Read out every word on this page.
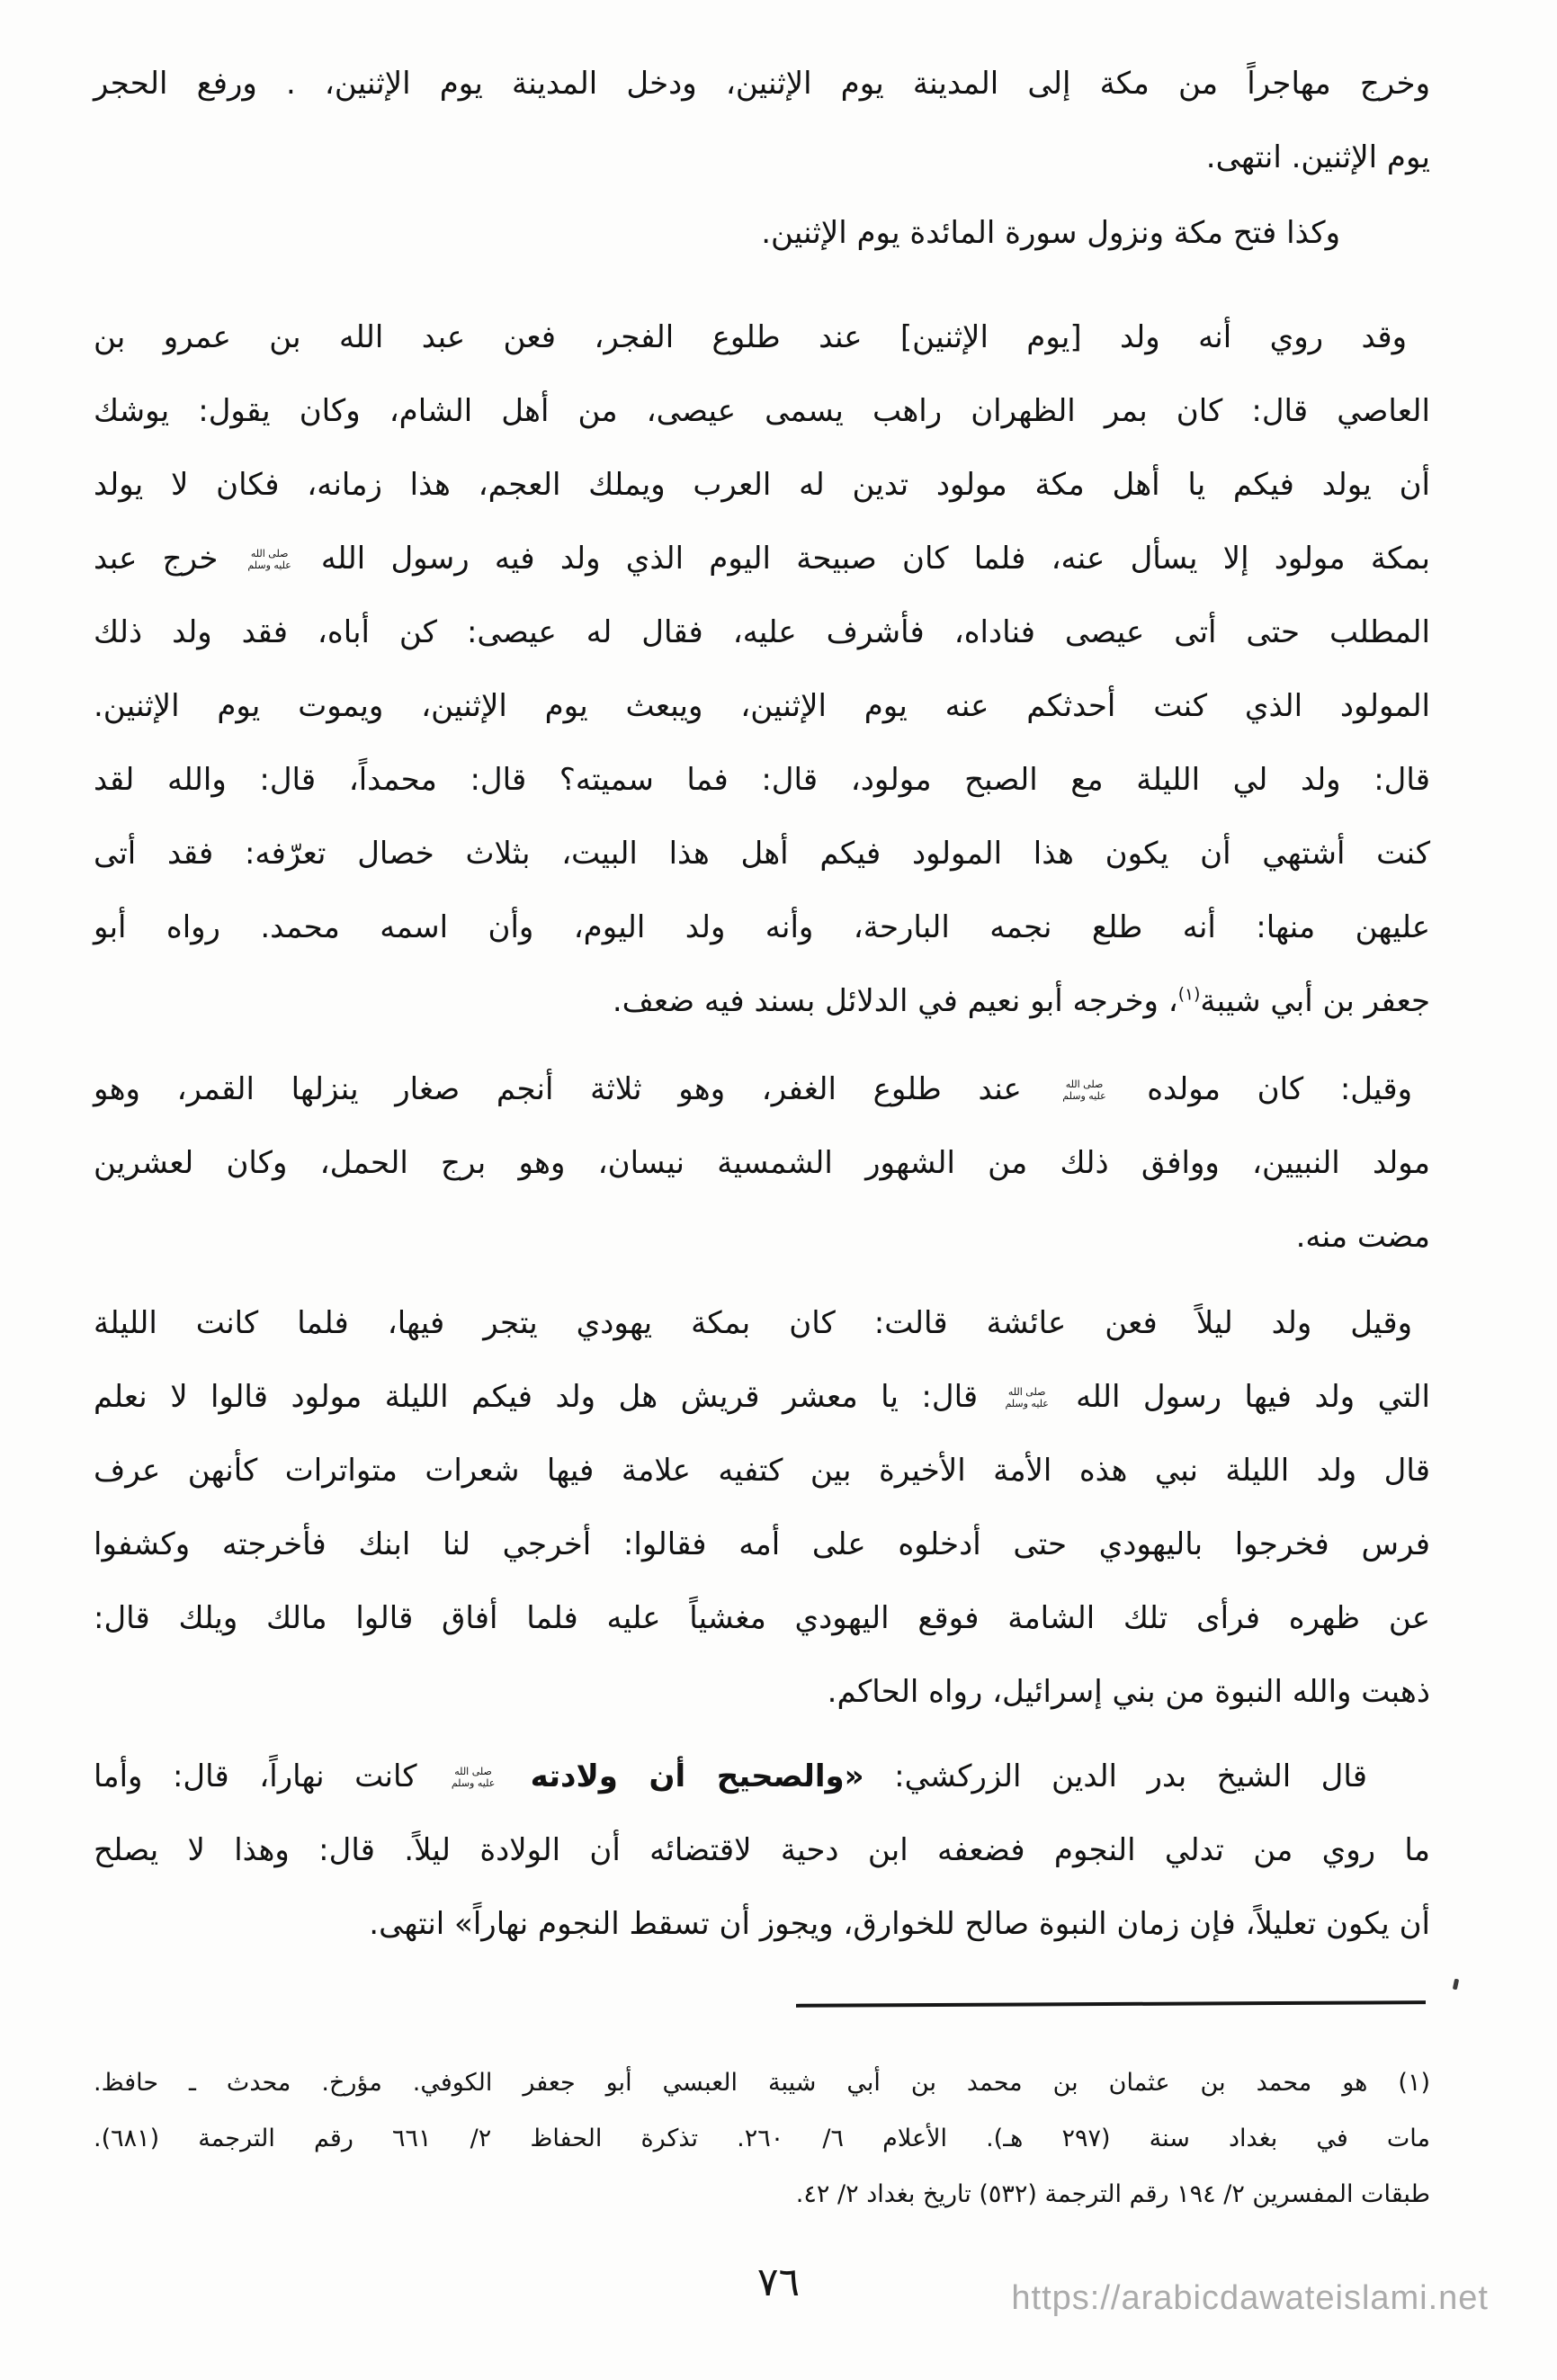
وخرج مهاجراً من مكة إلى المدينة يوم الإثنين، ودخل المدينة يوم الإثنين، . ورفع الحجر
يوم الإثنين. انتهى.
وكذا فتح مكة ونزول سورة المائدة يوم الإثنين.
وقد روي أنه ولد [يوم الإثنين] عند طلوع الفجر، فعن عبد الله بن عمرو بن
العاصي قال: كان بمر الظهران راهب يسمى عيصى، من أهل الشام، وكان يقول: يوشك
أن يولد فيكم يا أهل مكة مولود تدين له العرب ويملك العجم، هذا زمانه، فكان لا يولد
بمكة مولود إلا يسأل عنه، فلما كان صبيحة اليوم الذي ولد فيه رسول الله صلى الله عليه وسلم خرج عبد
المطلب حتى أتى عيصى فناداه، فأشرف عليه، فقال له عيصى: كن أباه، فقد ولد ذلك
المولود الذي كنت أحدثكم عنه يوم الإثنين، ويبعث يوم الإثنين، ويموت يوم الإثنين.
قال: ولد لي الليلة مع الصبح مولود، قال: فما سميته؟ قال: محمداً، قال: والله لقد
كنت أشتهي أن يكون هذا المولود فيكم أهل هذا البيت، بثلاث خصال تعرّفه: فقد أتى
عليهن منها: أنه طلع نجمه البارحة، وأنه ولد اليوم، وأن اسمه محمد. رواه أبو
جعفر بن أبي شيبة$^{(١)}$، وخرجه أبو نعيم في الدلائل بسند فيه ضعف.
وقيل: كان مولده صلى الله عليه وسلم عند طلوع الغفر، وهو ثلاثة أنجم صغار ينزلها القمر، وهو
مولد النبيين، ووافق ذلك من الشهور الشمسية نيسان، وهو برج الحمل، وكان لعشرين
مضت منه.
وقيل ولد ليلاً فعن عائشة قالت: كان بمكة يهودي يتجر فيها، فلما كانت الليلة
التي ولد فيها رسول الله صلى الله عليه وسلم قال: يا معشر قريش هل ولد فيكم الليلة مولود قالوا لا نعلم
قال ولد الليلة نبي هذه الأمة الأخيرة بين كتفيه علامة فيها شعرات متواترات كأنهن عرف
فرس فخرجوا باليهودي حتى أدخلوه على أمه فقالوا: أخرجي لنا ابنك فأخرجته وكشفوا
عن ظهره فرأى تلك الشامة فوقع اليهودي مغشياً عليه فلما أفاق قالوا مالك ويلك قال:
ذهبت والله النبوة من بني إسرائيل، رواه الحاكم.
قال الشيخ بدر الدين الزركشي: «والصحيح أن ولادته صلى الله عليه وسلم كانت نهاراً، قال: وأما
ما روي من تدلي النجوم فضعفه ابن دحية لاقتضائه أن الولادة ليلاً. قال: وهذا لا يصلح
أن يكون تعليلاً، فإن زمان النبوة صالح للخوارق، ويجوز أن تسقط النجوم نهاراً» انتهى.
(١) هو محمد بن عثمان بن محمد بن أبي شيبة العبسي أبو جعفر الكوفي. مؤرخ. محدث ـ حافظ.
مات في بغداد سنة (٢٩٧ هـ). الأعلام ٦/ ٢٦٠. تذكرة الحفاظ ٢/ ٦٦١ رقم الترجمة (٦٨١).
طبقات المفسرين ٢/ ١٩٤ رقم الترجمة (٥٣٢) تاريخ بغداد ٢/ ٤٢.
٧٦	https://arabicdawateislami.net
